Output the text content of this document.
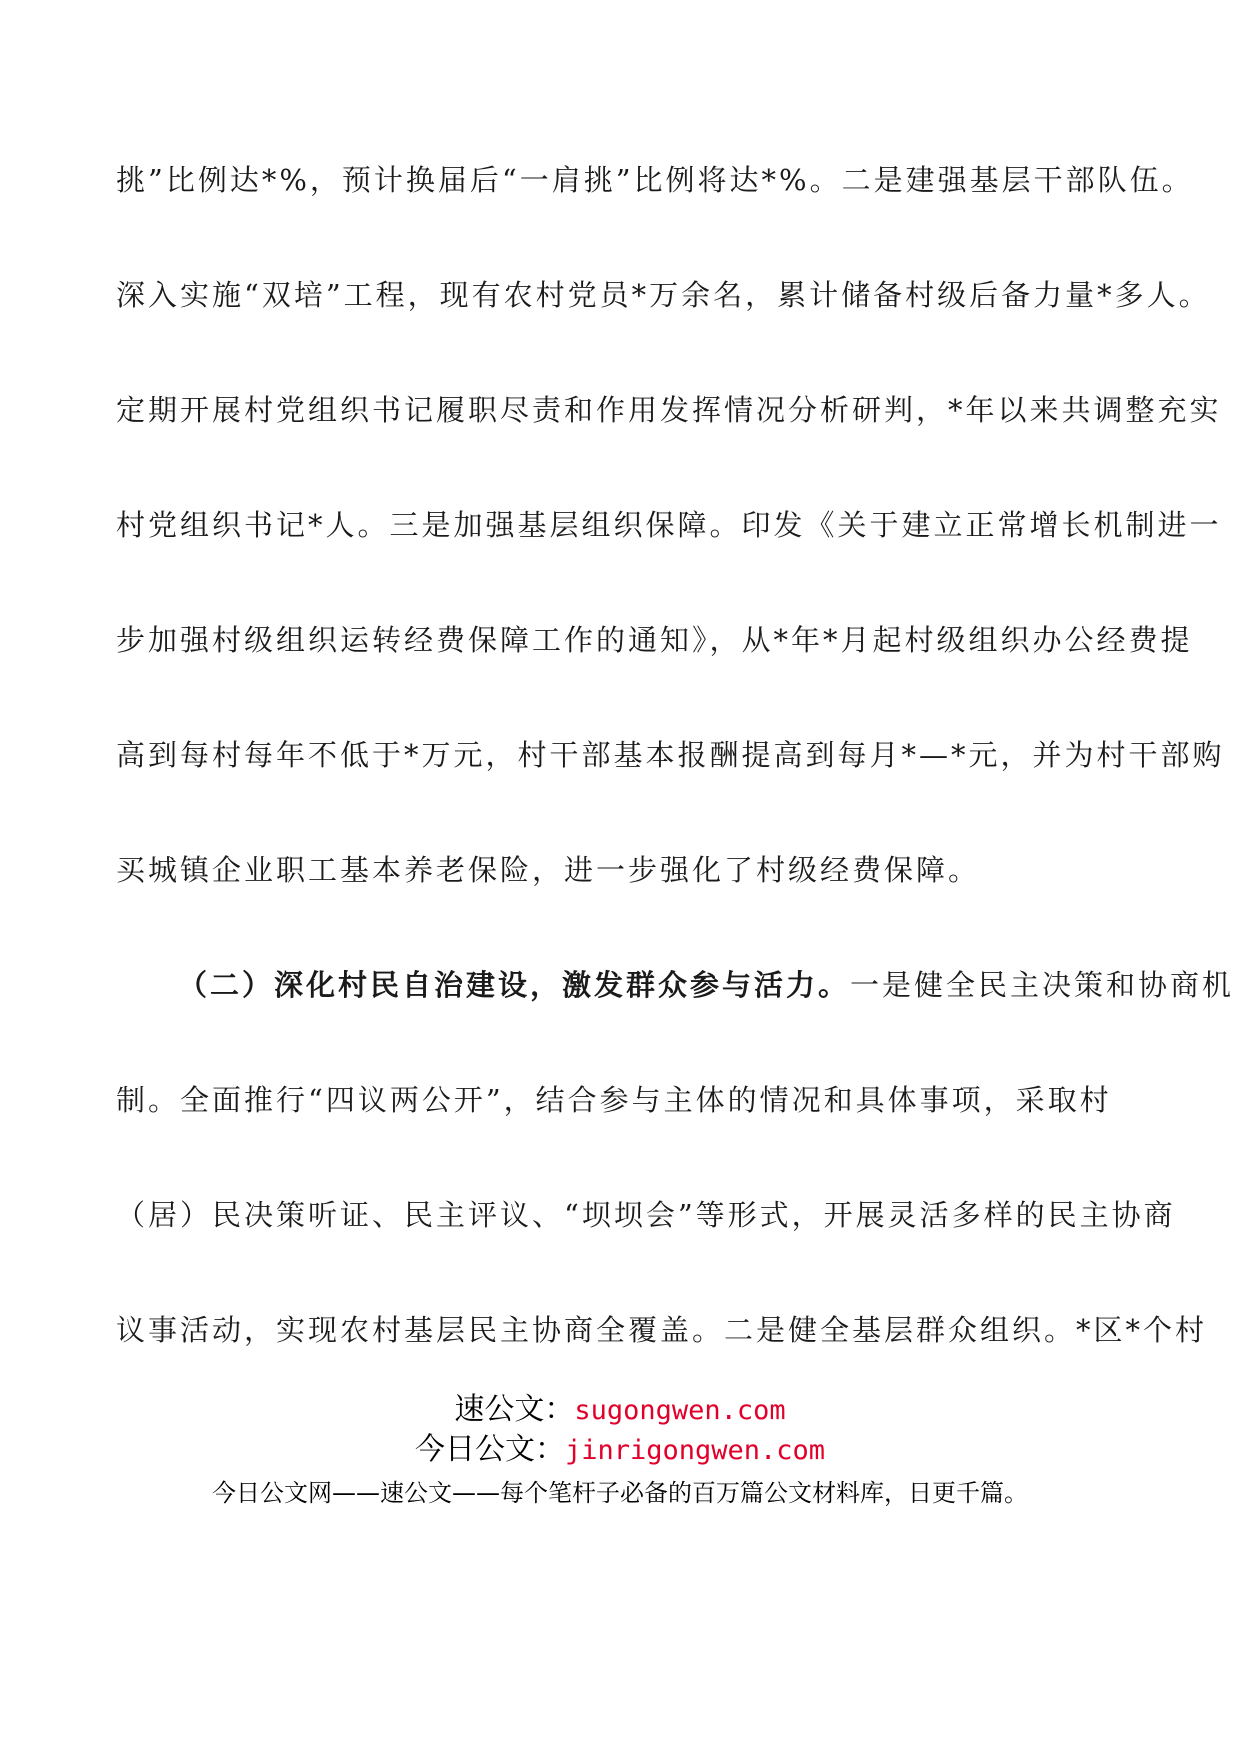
挑”比例达*%，预计换届后“一肩挑”比例将达*%。二是建强基层干部队伍。
深入实施“双培”工程，现有农村党员*万余名，累计储备村级后备力量*多人。
定期开展村党组织书记履职尽责和作用发挥情况分析研判，*年以来共调整充实
村党组织书记*人。三是加强基层组织保障。印发《关于建立正常增长机制进一
步加强村级组织运转经费保障工作的通知》，从*年*月起村级组织办公经费提
高到每村每年不低于*万元，村干部基本报酬提高到每月*—*元，并为村干部购
买城镇企业职工基本养老保险，进一步强化了村级经费保障。
（二）深化村民自治建设，激发群众参与活力。一是健全民主决策和协商机
制。全面推行“四议两公开”，结合参与主体的情况和具体事项，采取村
（居）民决策听证、民主评议、“坝坝会”等形式，开展灵活多样的民主协商
议事活动，实现农村基层民主协商全覆盖。二是健全基层群众组织。*区*个村
速公文：sugongwen.com
今日公文：jinrigongwen.com
今日公文网——速公文——每个笔杆子必备的百万篇公文材料库，日更千篇。
